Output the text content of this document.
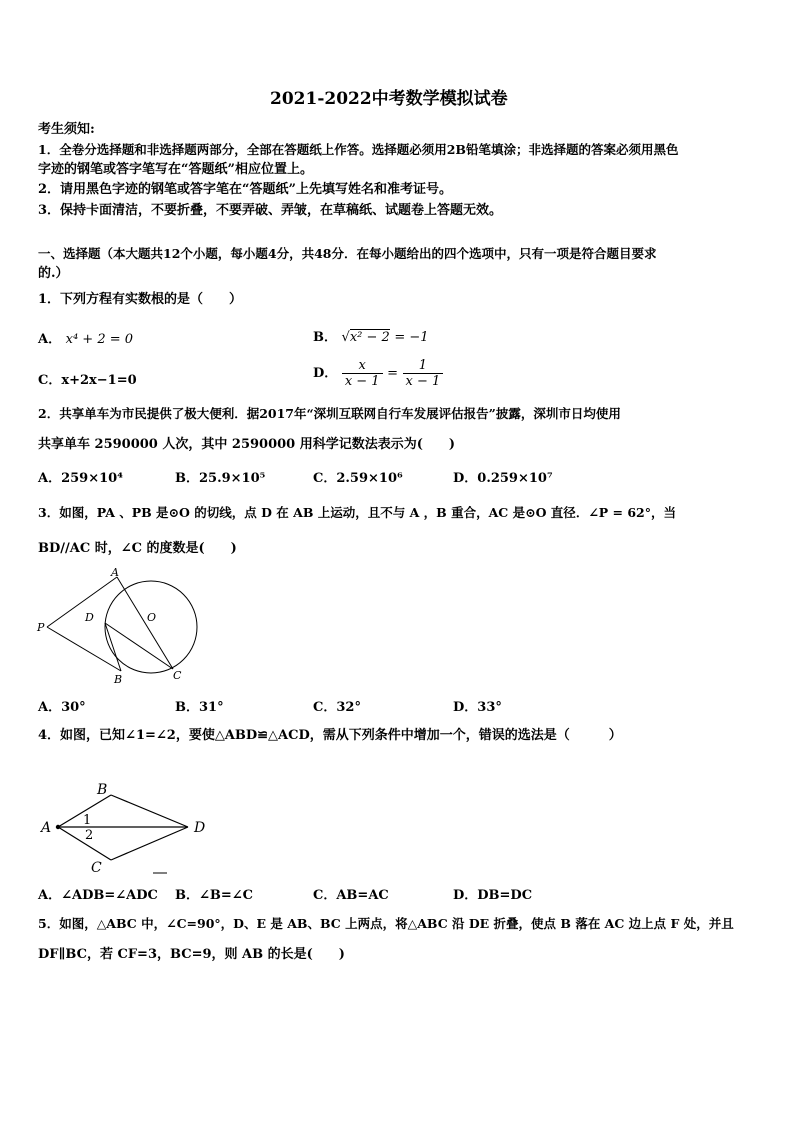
2021-2022中考数学模拟试卷
考生须知:
1．全卷分选择题和非选择题两部分，全部在答题纸上作答。选择题必须用2B铅笔填涂；非选择题的答案必须用黑色
字迹的钢笔或答字笔写在“答题纸”相应位置上。
2．请用黑色字迹的钢笔或答字笔在“答题纸”上先填写姓名和准考证号。
3．保持卡面清洁，不要折叠，不要弄破、弄皱，在草稿纸、试题卷上答题无效。
一、选择题（本大题共12个小题，每小题4分，共48分．在每小题给出的四个选项中，只有一项是符合题目要求
的.）
1．下列方程有实数根的是（　　）
A． x⁴ + 2 = 0	B． √x² − 2 = −1
C．x+2x−1=0	D． $\frac{x}{x - 1} = \frac{1}{x - 1}$
2．共享单车为市民提供了极大便利．据2017年“深圳互联网自行车发展评估报告”披露，深圳市日均使用
共享单车 2590000 人次，其中 2590000 用科学记数法表示为(　　)
A．259×10⁴	B．25.9×10⁵	C．2.59×10⁶	D．0.259×10⁷
3．如图，PA 、PB 是⊙O 的切线，点 D 在 AB 上运动，且不与 A ，B 重合，AC 是⊙O 直径．∠P = 62°，当
BD//AC 时，∠C 的度数是(　　)
A
P
D	O
B	C
A．30°	B．31°	C．32°	D．33°
4．如图，已知∠1=∠2，要使△ABD≌△ACD，需从下列条件中增加一个，错误的选法是（　　　）
A
B
C
D
1
2
A．∠ADB=∠ADC B．∠B=∠C	C．AB=AC	D．DB=DC
5．如图，△ABC 中，∠C=90°，D、E 是 AB、BC 上两点，将△ABC 沿 DE 折叠，使点 B 落在 AC 边上点 F 处，并且
DF∥BC，若 CF=3，BC=9，则 AB 的长是(　　)
